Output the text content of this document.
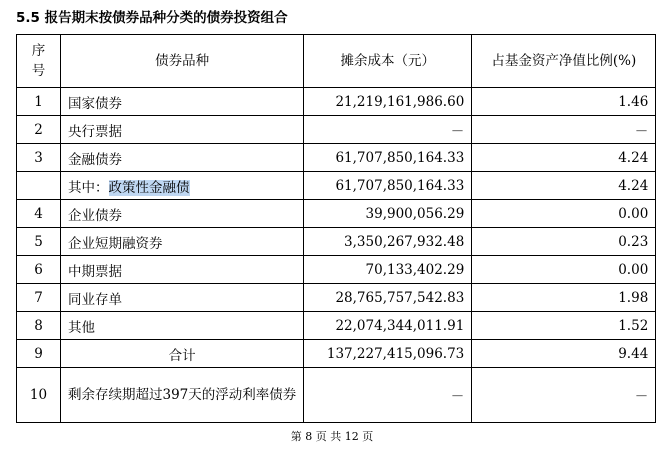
5.5 报告期末按债券品种分类的债券投资组合
序
号	债券品种	摊余成本（元）	占基金资产净值比例(%)
1	国家债券	21,219,161,986.60	1.46
2	央行票据	－	－
3	金融债券	61,707,850,164.33	4.24
	其中：政策性金融债	61,707,850,164.33	4.24
4	企业债券	39,900,056.29	0.00
5	企业短期融资券	3,350,267,932.48	0.23
6	中期票据	70,133,402.29	0.00
7	同业存单	28,765,757,542.83	1.98
8	其他	22,074,344,011.91	1.52
9	合计	137,227,415,096.73	9.44
10	剩余存续期超过397天的浮动利率债券	－	－
第 8 页 共 12 页
